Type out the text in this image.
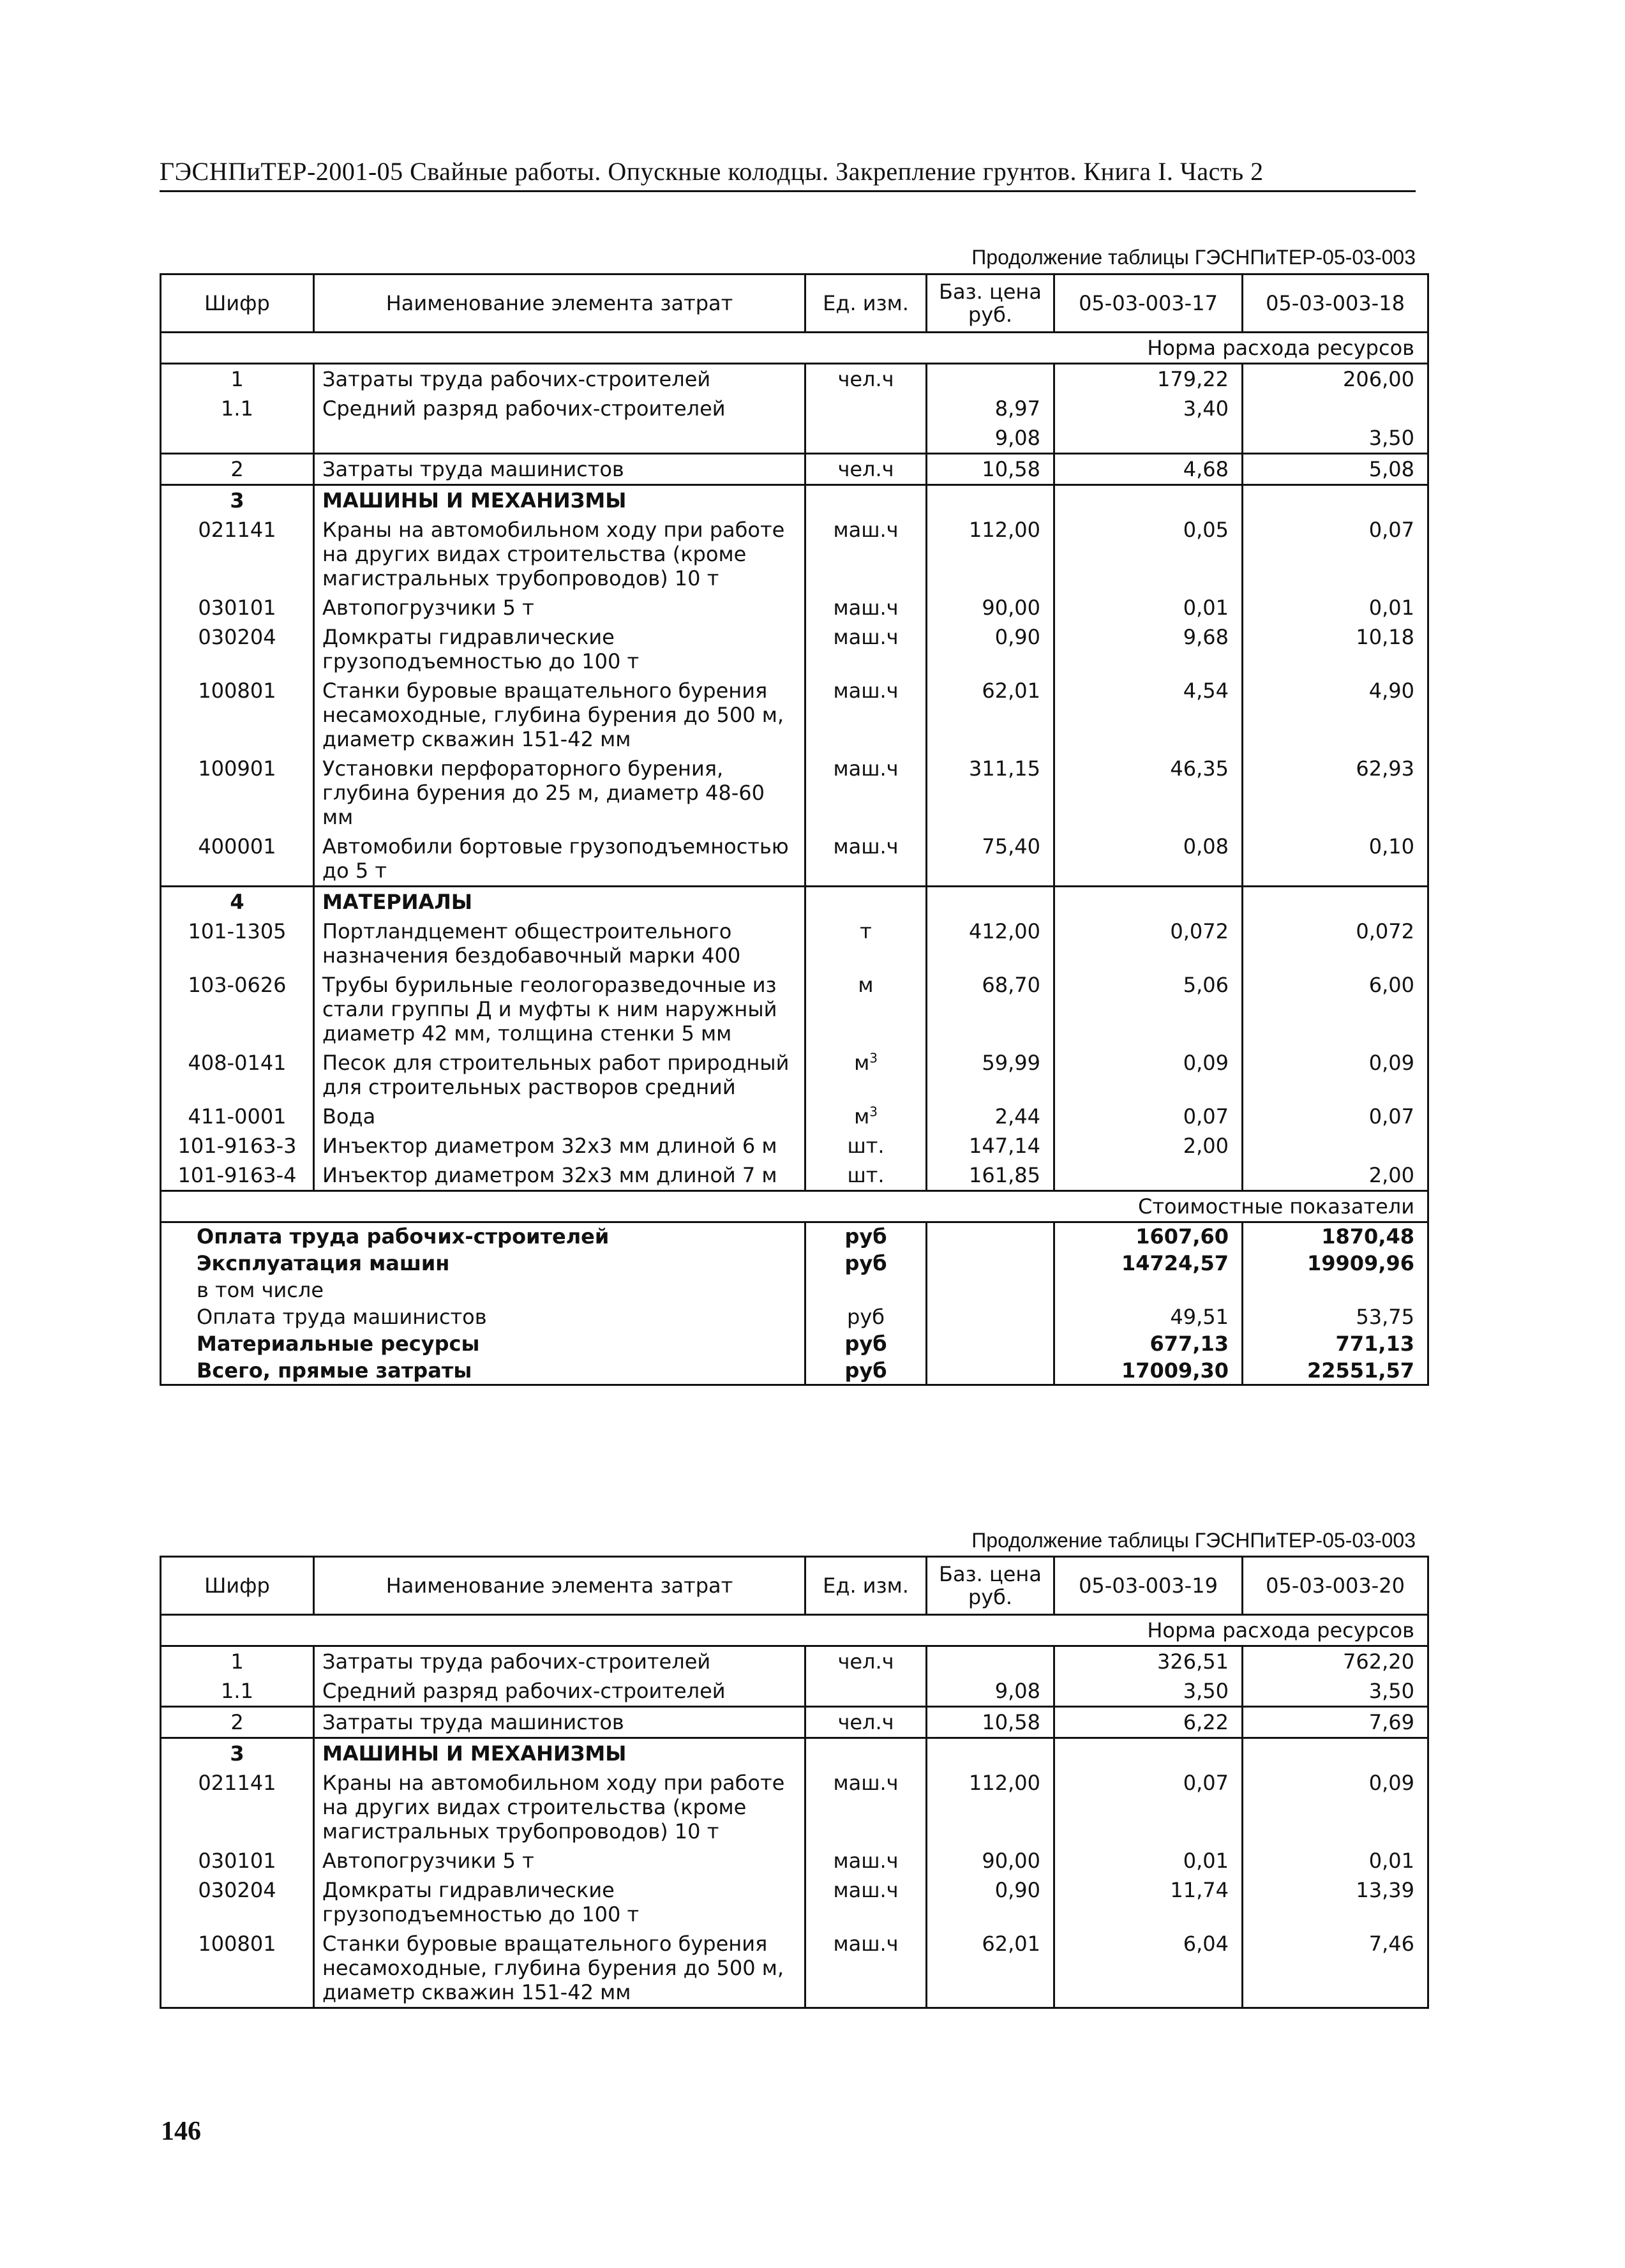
ГЭСНПиТЕР-2001-05 Свайные работы. Опускные колодцы. Закрепление грунтов. Книга I. Часть 2
Продолжение таблицы ГЭСНПиТЕР-05-03-003
Шифр	Наименование элемента затрат	Ед. изм.	Баз. цена руб.	05-03-003-17	05-03-003-18
Норма расхода ресурсов					
1	Затраты труда рабочих-строителей	чел.ч		179,22	206,00
1.1	Средний разряд рабочих-строителей		8,97	3,40	
			9,08		3,50
2	Затраты труда машинистов	чел.ч	10,58	4,68	5,08
3	МАШИНЫ И МЕХАНИЗМЫ				
021141	Краны на автомобильном ходу при работе на других видах строительства (кроме магистральных трубопроводов) 10 т	маш.ч	112,00	0,05	0,07
030101	Автопогрузчики 5 т	маш.ч	90,00	0,01	0,01
030204	Домкраты гидравлические грузоподъемностью до 100 т	маш.ч	0,90	9,68	10,18
100801	Станки буровые вращательного бурения несамоходные, глубина бурения до 500 м, диаметр скважин 151-42 мм	маш.ч	62,01	4,54	4,90
100901	Установки перфораторного бурения, глубина бурения до 25 м, диаметр 48-60 мм	маш.ч	311,15	46,35	62,93
400001	Автомобили бортовые грузоподъемностью до 5 т	маш.ч	75,40	0,08	0,10
4	МАТЕРИАЛЫ				
101-1305	Портландцемент общестроительного назначения бездобавочный марки 400	т	412,00	0,072	0,072
103-0626	Трубы бурильные геологоразведочные из стали группы Д и муфты к ним наружный диаметр 42 мм, толщина стенки 5 мм	м	68,70	5,06	6,00
408-0141	Песок для строительных работ природный для строительных растворов средний	$м^3$	59,99	0,09	0,09
411-0001	Вода	$м^3$	2,44	0,07	0,07
101-9163-3	Инъектор диаметром 32х3 мм длиной 6 м	шт.	147,14	2,00	
101-9163-4	Инъектор диаметром 32х3 мм длиной 7 м	шт.	161,85		2,00
Стоимостные показатели					
Оплата труда рабочих-строителей		руб		1607,60	1870,48
Эксплуатация машин		руб		14724,57	19909,96
в том числе					
Оплата труда машинистов		руб		49,51	53,75
Материальные ресурсы		руб		677,13	771,13
Всего, прямые затраты		руб		17009,30	22551,57
Продолжение таблицы ГЭСНПиТЕР-05-03-003
Шифр	Наименование элемента затрат	Ед. изм.	Баз. цена руб.	05-03-003-19	05-03-003-20
Норма расхода ресурсов					
1	Затраты труда рабочих-строителей	чел.ч		326,51	762,20
1.1	Средний разряд рабочих-строителей		9,08	3,50	3,50
2	Затраты труда машинистов	чел.ч	10,58	6,22	7,69
3	МАШИНЫ И МЕХАНИЗМЫ				
021141	Краны на автомобильном ходу при работе на других видах строительства (кроме магистральных трубопроводов) 10 т	маш.ч	112,00	0,07	0,09
030101	Автопогрузчики 5 т	маш.ч	90,00	0,01	0,01
030204	Домкраты гидравлические грузоподъемностью до 100 т	маш.ч	0,90	11,74	13,39
100801	Станки буровые вращательного бурения несамоходные, глубина бурения до 500 м, диаметр скважин 151-42 мм	маш.ч	62,01	6,04	7,46
146
